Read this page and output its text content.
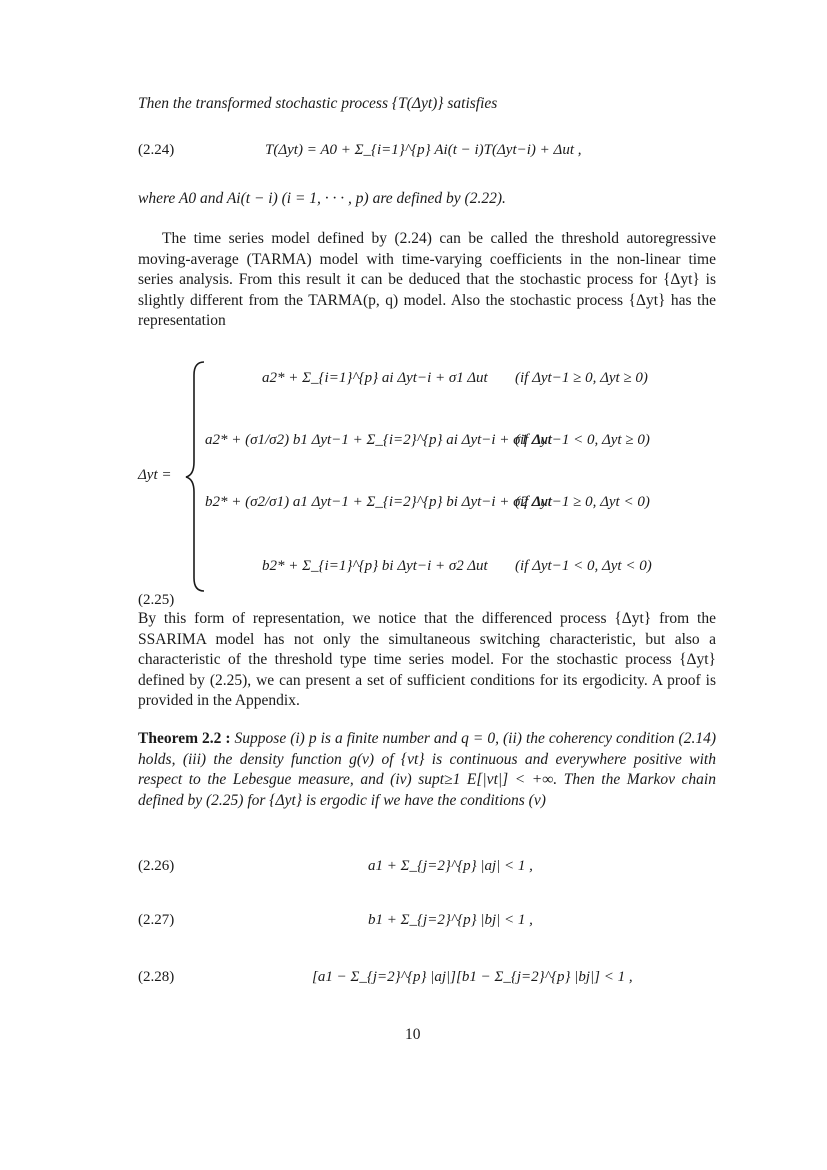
Then the transformed stochastic process {T(Δyt)} satisfies
(2.24)	T(Δyt) = A0 + Σ_{i=1}^{p} Ai(t − i)T(Δyt−i) + Δut ,
where A0 and Ai(t − i) (i = 1, · · · , p) are defined by (2.22).
The time series model defined by (2.24) can be called the threshold autoregressive moving-average (TARMA) model with time-varying coefficients in the non-linear time series analysis. From this result it can be deduced that the stochastic process for {Δyt} is slightly different from the TARMA(p, q) model. Also the stochastic process {Δyt} has the representation
Δyt =
a2* + Σ_{i=1}^{p} ai Δyt−i + σ1 Δut (if Δyt−1 ≥ 0, Δyt ≥ 0)
a2* + (σ1/σ2) b1 Δyt−1 + Σ_{i=2}^{p} ai Δyt−i + σ1 Δut
(if Δyt−1 < 0, Δyt ≥ 0)
b2* + (σ2/σ1) a1 Δyt−1 + Σ_{i=2}^{p} bi Δyt−i + σ2 Δut
(if Δyt−1 ≥ 0, Δyt < 0)
b2* + Σ_{i=1}^{p} bi Δyt−i + σ2 Δut (if Δyt−1 < 0, Δyt < 0)
(2.25)
By this form of representation, we notice that the differenced process {Δyt} from the SSARIMA model has not only the simultaneous switching characteristic, but also a characteristic of the threshold type time series model. For the stochastic process {Δyt} defined by (2.25), we can present a set of sufficient conditions for its ergodicity. A proof is provided in the Appendix.
Theorem 2.2 : Suppose (i) p is a finite number and q = 0, (ii) the coherency condition (2.14) holds, (iii) the density function g(v) of {vt} is continuous and everywhere positive with respect to the Lebesgue measure, and (iv) supt≥1 E[|vt|] < +∞. Then the Markov chain defined by (2.25) for {Δyt} is ergodic if we have the conditions (v)
(2.26)	a1 + Σ_{j=2}^{p} |aj| < 1 ,
(2.27)	b1 + Σ_{j=2}^{p} |bj| < 1 ,
(2.28)	[a1 − Σ_{j=2}^{p} |aj|][b1 − Σ_{j=2}^{p} |bj|] < 1 ,
10
